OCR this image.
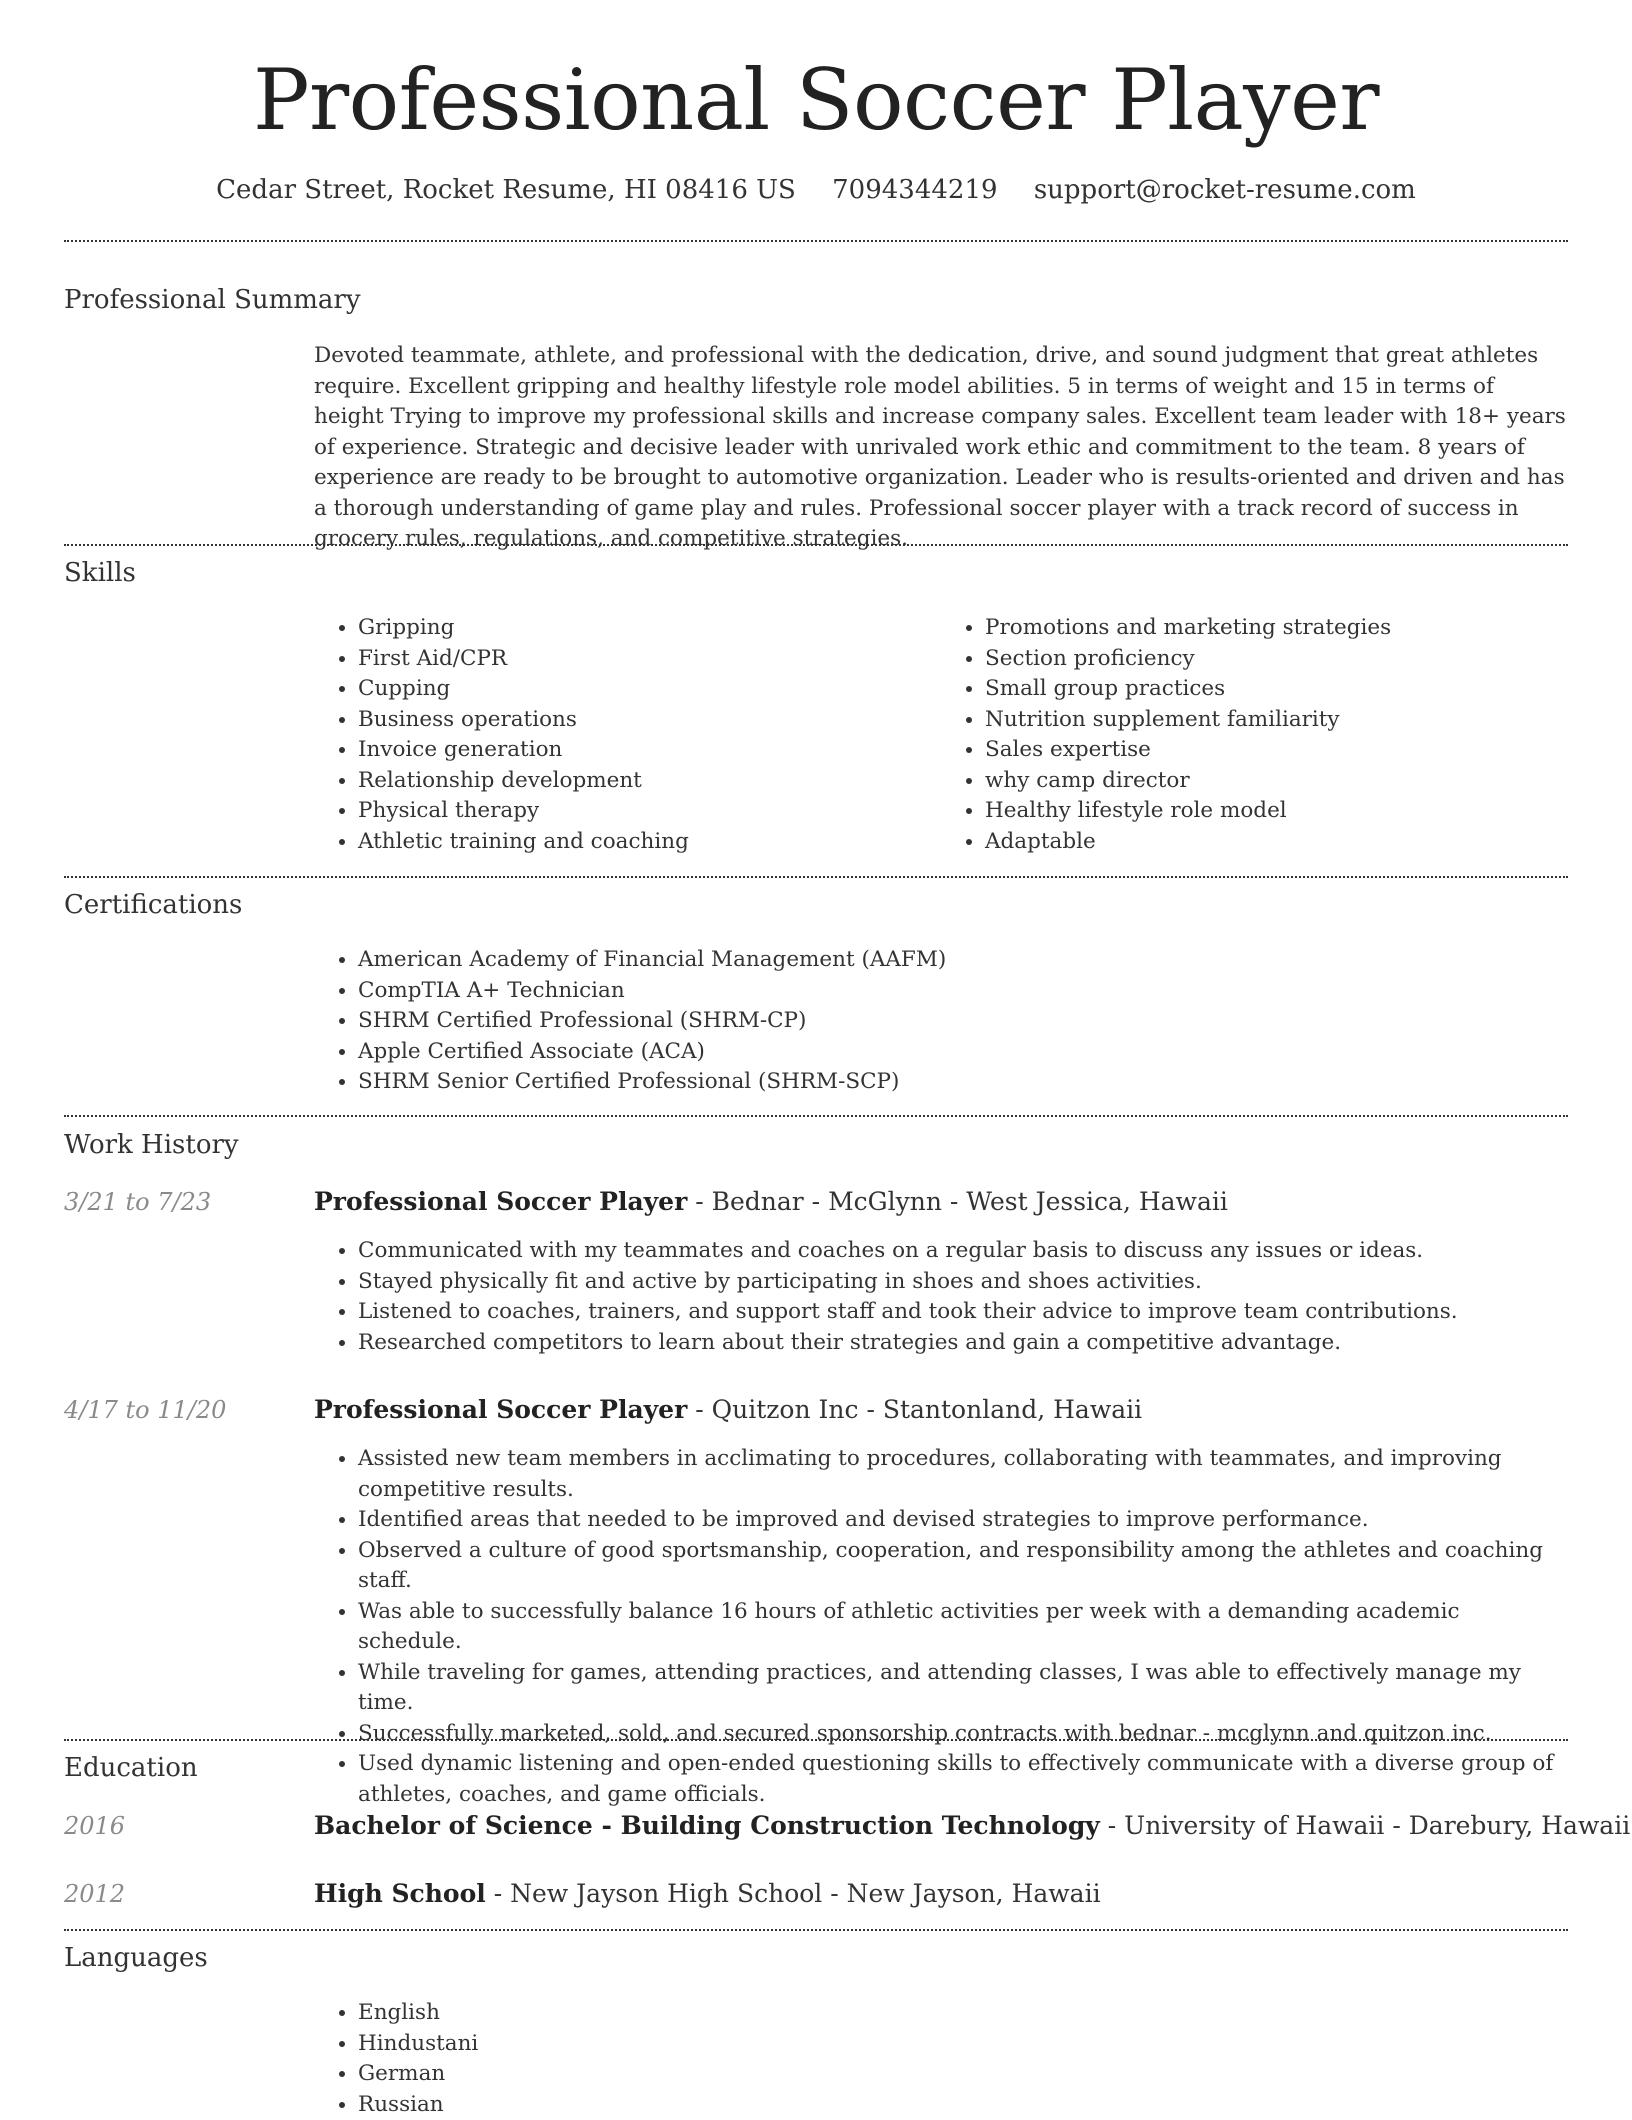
Professional Soccer Player
Cedar Street, Rocket Resume, HI 08416 US 7094344219 support@rocket-resume.com
Professional Summary

Devoted teammate, athlete, and professional with the dedication, drive, and sound judgment that great athletes require. Excellent gripping and healthy lifestyle role model abilities. 5 in terms of weight and 15 in terms of height Trying to improve my professional skills and increase company sales. Excellent team leader with 18+ years of experience. Strategic and decisive leader with unrivaled work ethic and commitment to the team. 8 years of experience are ready to be brought to automotive organization. Leader who is results-oriented and driven and has a thorough understanding of game play and rules. Professional soccer player with a track record of success in grocery rules, regulations, and competitive strategies.

Skills
• Gripping
• First Aid/CPR
• Cupping
• Business operations
• Invoice generation
• Relationship development
• Physical therapy
• Athletic training and coaching
• Promotions and marketing strategies
• Section proficiency
• Small group practices
• Nutrition supplement familiarity
• Sales expertise
• why camp director
• Healthy lifestyle role model
• Adaptable
Certifications
• American Academy of Financial Management (AAFM)
• CompTIA A+ Technician
• SHRM Certified Professional (SHRM-CP)
• Apple Certified Associate (ACA)
• SHRM Senior Certified Professional (SHRM-SCP)
Work History
3/21 to 7/23	Professional Soccer Player - Bednar - McGlynn - West Jessica, Hawaii
• Communicated with my teammates and coaches on a regular basis to discuss any issues or ideas.
• Stayed physically fit and active by participating in shoes and shoes activities.
• Listened to coaches, trainers, and support staff and took their advice to improve team contributions.
• Researched competitors to learn about their strategies and gain a competitive advantage.
4/17 to 11/20	Professional Soccer Player - Quitzon Inc - Stantonland, Hawaii
• Assisted new team members in acclimating to procedures, collaborating with teammates, and improving competitive results.
• Identified areas that needed to be improved and devised strategies to improve performance.
• Observed a culture of good sportsmanship, cooperation, and responsibility among the athletes and coaching staff.
• Was able to successfully balance 16 hours of athletic activities per week with a demanding academic schedule.
• While traveling for games, attending practices, and attending classes, I was able to effectively manage my time.
• Successfully marketed, sold, and secured sponsorship contracts with bednar - mcglynn and quitzon inc.
• Used dynamic listening and open-ended questioning skills to effectively communicate with a diverse group of athletes, coaches, and game officials.
Education
2016	Bachelor of Science - Building Construction Technology - University of Hawaii - Darebury, Hawaii
2012	High School - New Jayson High School - New Jayson, Hawaii
Languages
• English
• Hindustani
• German
• Russian
